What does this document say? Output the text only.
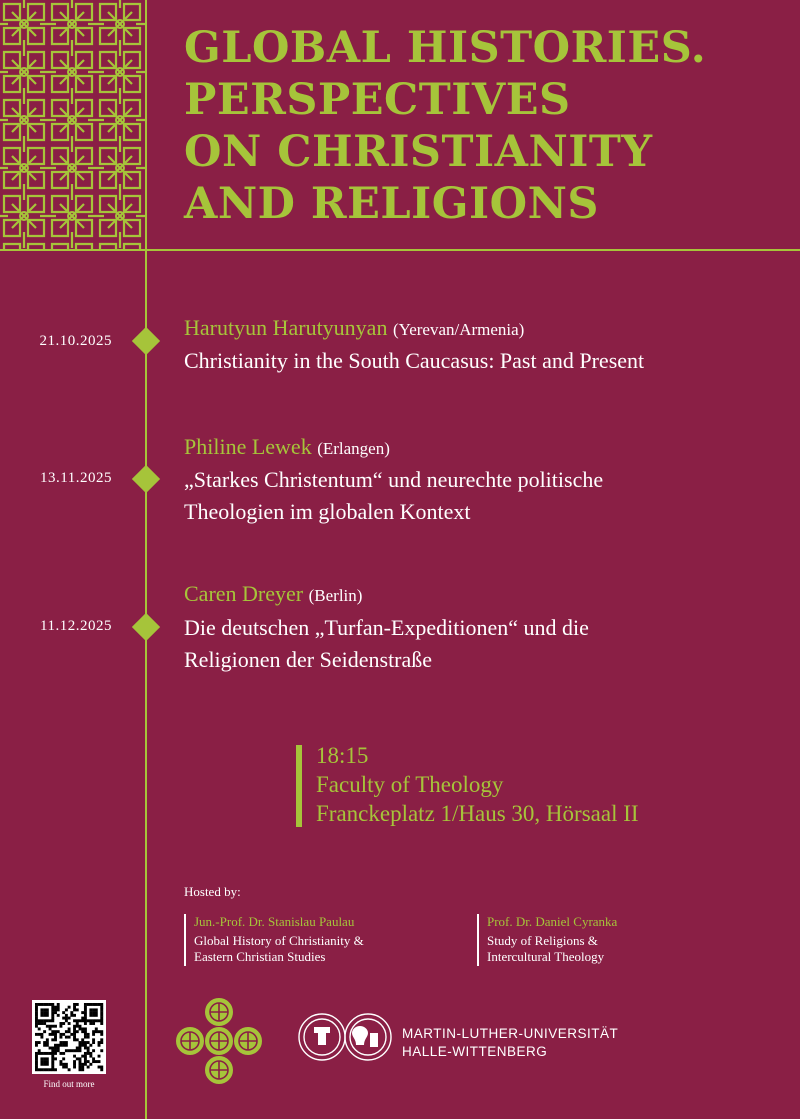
GLOBAL HISTORIES.
PERSPECTIVES
ON CHRISTIANITY
AND RELIGIONS
21.10.2025
Harutyun Harutyunyan (Yerevan/Armenia)
Christianity in the South Caucasus: Past and Present
13.11.2025
Philine Lewek (Erlangen)
„Starkes Christentum“ und neurechte politische
Theologien im globalen Kontext
11.12.2025
Caren Dreyer (Berlin)
Die deutschen „Turfan-Expeditionen“ und die
Religionen der Seidenstraße
18:15
Faculty of Theology
Franckeplatz 1/Haus 30, Hörsaal II
Hosted by:
Jun.-Prof. Dr. Stanislau Paulau
Global History of Christianity &
Eastern Christian Studies
Prof. Dr. Daniel Cyranka
Study of Religions &
Intercultural Theology
Find out more
MARTIN-LUTHER-UNIVERSITÄT
HALLE-WITTENBERG
